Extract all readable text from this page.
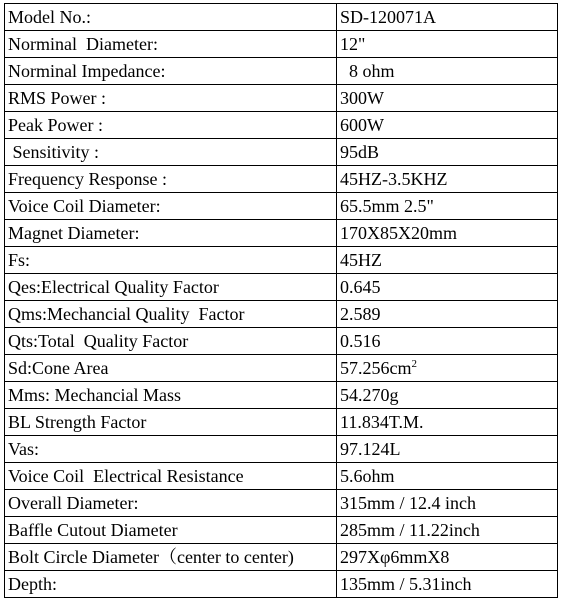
Model No.:	SD-120071A
Norminal  Diameter:	12"
Norminal Impedance:	8 ohm
RMS Power :	300W
Peak Power :	600W
Sensitivity :	95dB
Frequency Response :	45HZ-3.5KHZ
Voice Coil Diameter:	65.5mm 2.5"
Magnet Diameter:	170X85X20mm
Fs:	45HZ
Qes:Electrical Quality Factor	0.645
Qms:Mechancial Quality  Factor	2.589
Qts:Total  Quality Factor	0.516
Sd:Cone Area	$57.256cm^2$
Mms: Mechancial Mass	54.270g
BL Strength Factor	11.834T.M.
Vas:	97.124L
Voice Coil  Electrical Resistance	5.6ohm
Overall Diameter:	315mm / 12.4 inch
Baffle Cutout Diameter	285mm / 11.22inch
Bolt Circle Diameter（center to center)	297Xφ6mmX8
Depth:	135mm / 5.31inch
